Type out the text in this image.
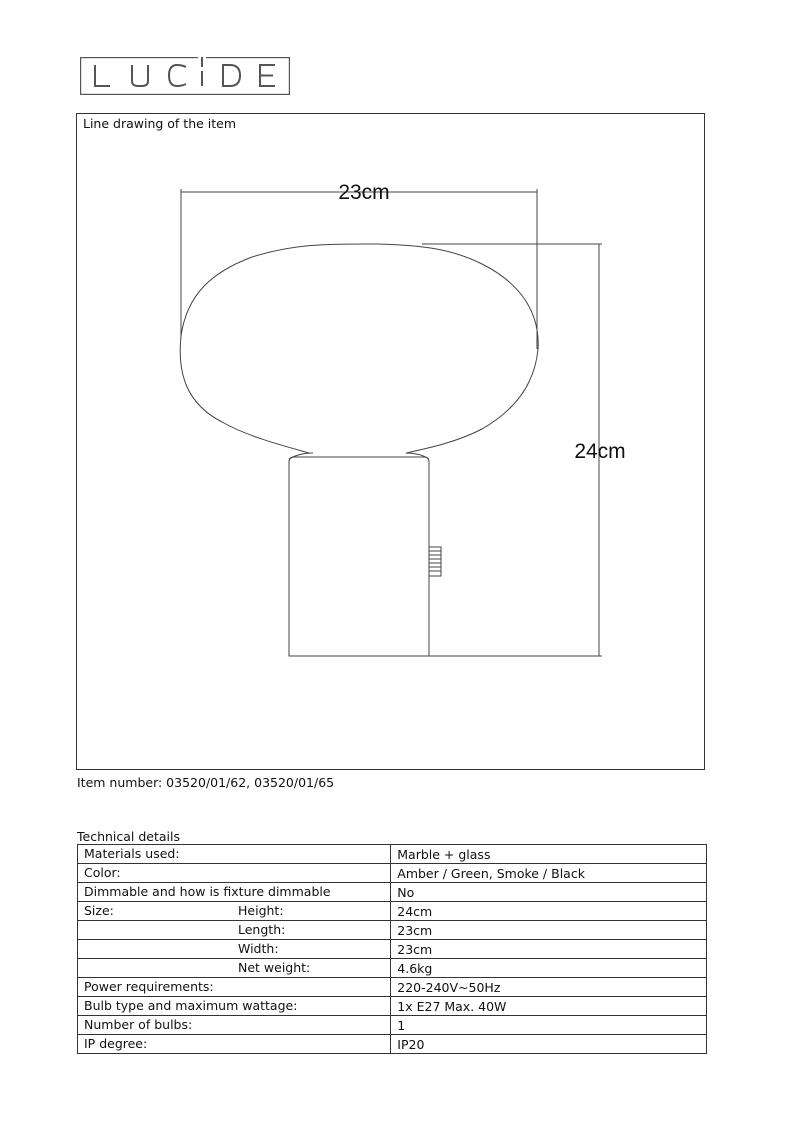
Line drawing of the item
23cm
24cm
Item number: 03520/01/62, 03520/01/65
Technical details
Materials used:	Marble + glass

Color:	Amber / Green, Smoke / Black

Dimmable and how is fixture dimmable	No

Size: Height:	24cm

Length:	23cm

Width:	23cm

Net weight:	4.6kg

Power requirements:	220-240V~50Hz

Bulb type and maximum wattage:	1x E27 Max. 40W

Number of bulbs:	1

IP degree:	IP20
